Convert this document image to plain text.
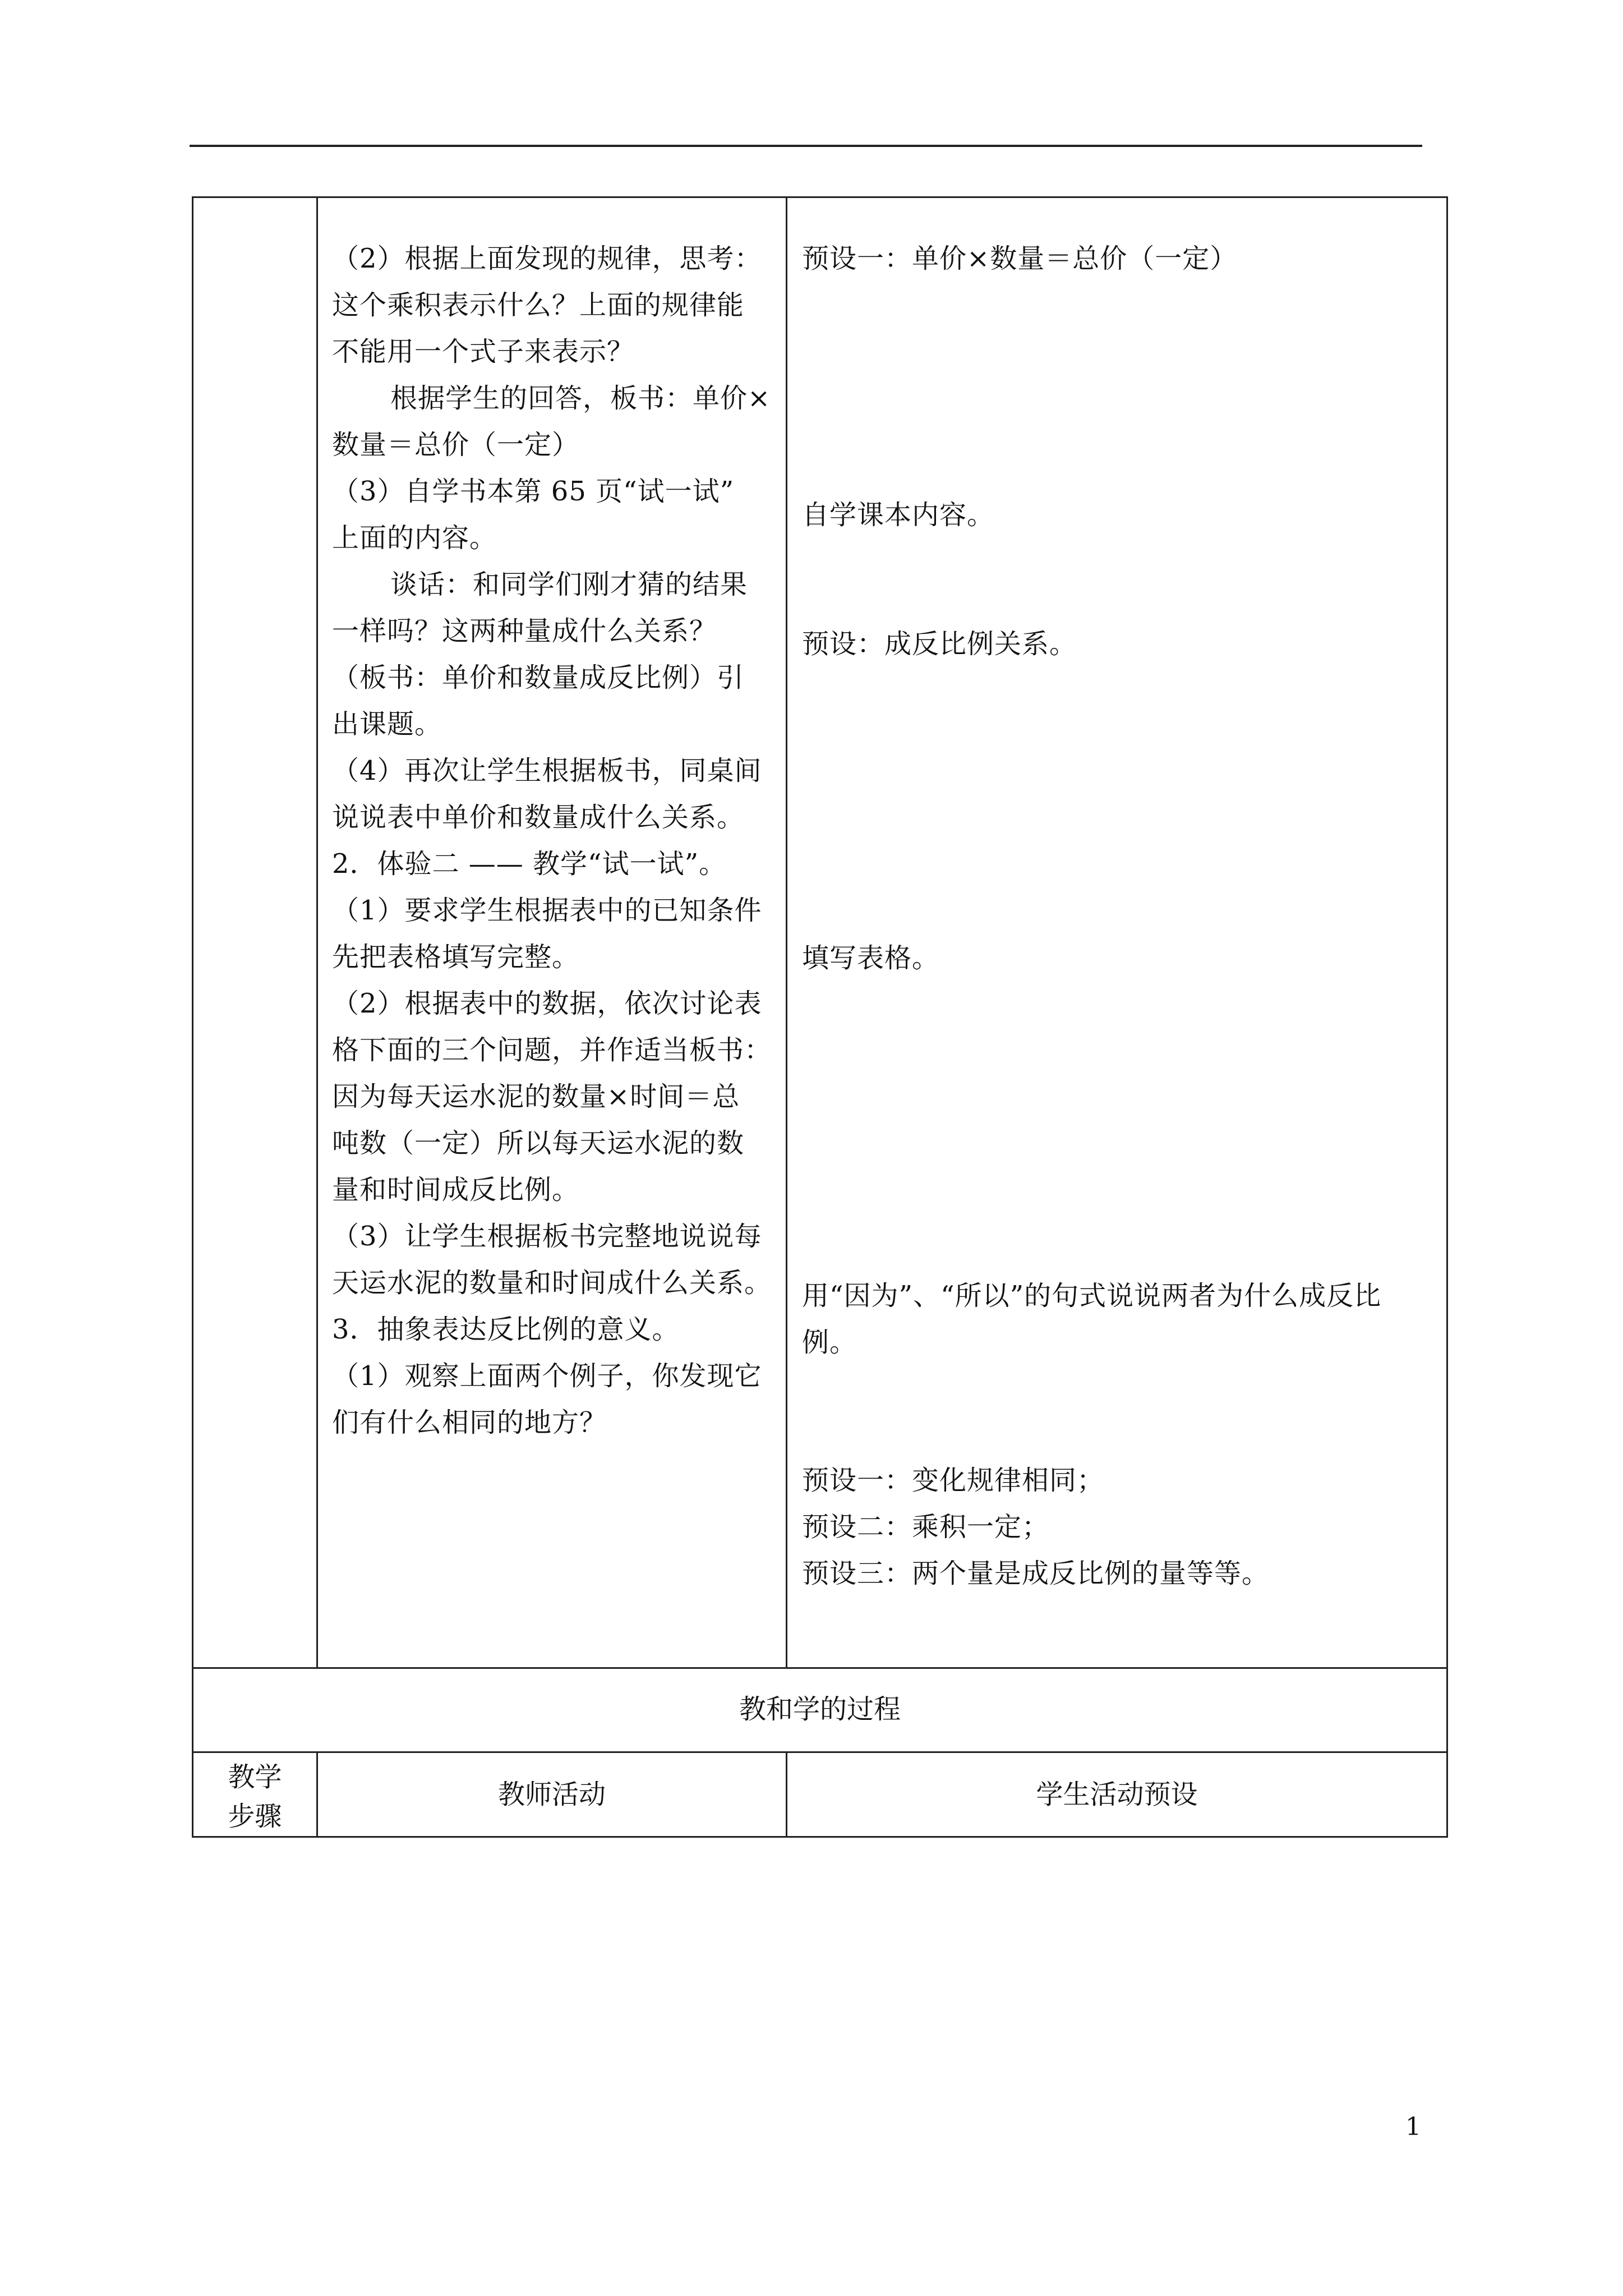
（2）根据上面发现的规律，思考：

这个乘积表示什么？上面的规律能

不能用一个式子来表示？

根据学生的回答，板书：单价×

数量＝总价（一定）

（3）自学书本第 65 页“试一试”

上面的内容。

谈话：和同学们刚才猜的结果

一样吗？这两种量成什么关系？

（板书：单价和数量成反比例）引

出课题。

（4）再次让学生根据板书，同桌间

说说表中单价和数量成什么关系。

2．体验二 —— 教学“试一试”。

（1）要求学生根据表中的已知条件

先把表格填写完整。

（2）根据表中的数据，依次讨论表

格下面的三个问题，并作适当板书：

因为每天运水泥的数量×时间＝总

吨数（一定）所以每天运水泥的数

量和时间成反比例。

（3）让学生根据板书完整地说说每

天运水泥的数量和时间成什么关系。

3．抽象表达反比例的意义。

（1）观察上面两个例子，你发现它

们有什么相同的地方？

预设一：单价×数量＝总价（一定）
自学课本内容。
预设：成反比例关系。
填写表格。
用“因为”、“所以”的句式说说两者为什么成反比
例。
预设一：变化规律相同；
预设二：乘积一定；
预设三：两个量是成反比例的量等等。
教和学的过程
教学
步骤
教师活动	学生活动预设
1
